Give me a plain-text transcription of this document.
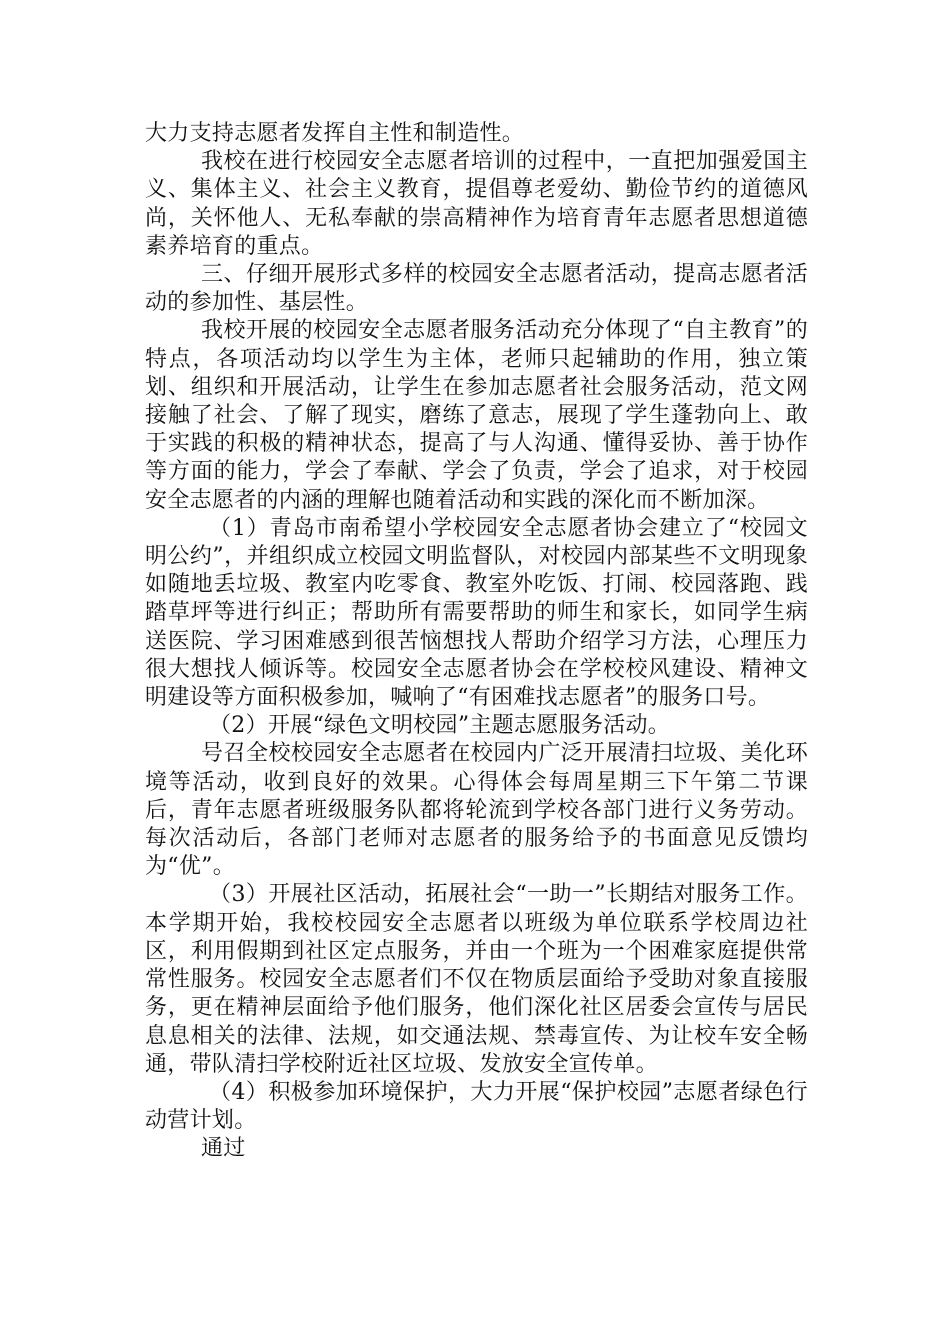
大力支持志愿者发挥自主性和制造性。

我校在进行校园安全志愿者培训的过程中，一直把加强爱国主义、集体主义、社会主义教育，提倡尊老爱幼、勤俭节约的道德风尚，关怀他人、无私奉献的崇高精神作为培育青年志愿者思想道德素养培育的重点。

三、仔细开展形式多样的校园安全志愿者活动，提高志愿者活动的参加性、基层性。

我校开展的校园安全志愿者服务活动充分体现了“自主教育”的特点，各项活动均以学生为主体，老师只起辅助的作用，独立策划、组织和开展活动，让学生在参加志愿者社会服务活动，范文网接触了社会、了解了现实，磨练了意志，展现了学生蓬勃向上、敢于实践的积极的精神状态，提高了与人沟通、懂得妥协、善于协作等方面的能力，学会了奉献、学会了负责，学会了追求，对于校园安全志愿者的内涵的理解也随着活动和实践的深化而不断加深。

（1）青岛市南希望小学校园安全志愿者协会建立了“校园文明公约”，并组织成立校园文明监督队，对校园内部某些不文明现象如随地丢垃圾、教室内吃零食、教室外吃饭、打闹、校园落跑、践踏草坪等进行纠正；帮助所有需要帮助的师生和家长，如同学生病送医院、学习困难感到很苦恼想找人帮助介绍学习方法，心理压力很大想找人倾诉等。校园安全志愿者协会在学校校风建设、精神文明建设等方面积极参加，喊响了“有困难找志愿者”的服务口号。

（2）开展“绿色文明校园”主题志愿服务活动。

号召全校校园安全志愿者在校园内广泛开展清扫垃圾、美化环境等活动，收到良好的效果。心得体会每周星期三下午第二节课后，青年志愿者班级服务队都将轮流到学校各部门进行义务劳动。每次活动后，各部门老师对志愿者的服务给予的书面意见反馈均为“优”。

（3）开展社区活动，拓展社会“一助一”长期结对服务工作。本学期开始，我校校园安全志愿者以班级为单位联系学校周边社区，利用假期到社区定点服务，并由一个班为一个困难家庭提供常常性服务。校园安全志愿者们不仅在物质层面给予受助对象直接服务，更在精神层面给予他们服务，他们深化社区居委会宣传与居民息息相关的法律、法规，如交通法规、禁毒宣传、为让校车安全畅通，带队清扫学校附近社区垃圾、发放安全宣传单。

（4）积极参加环境保护，大力开展“保护校园”志愿者绿色行动营计划。

通过
